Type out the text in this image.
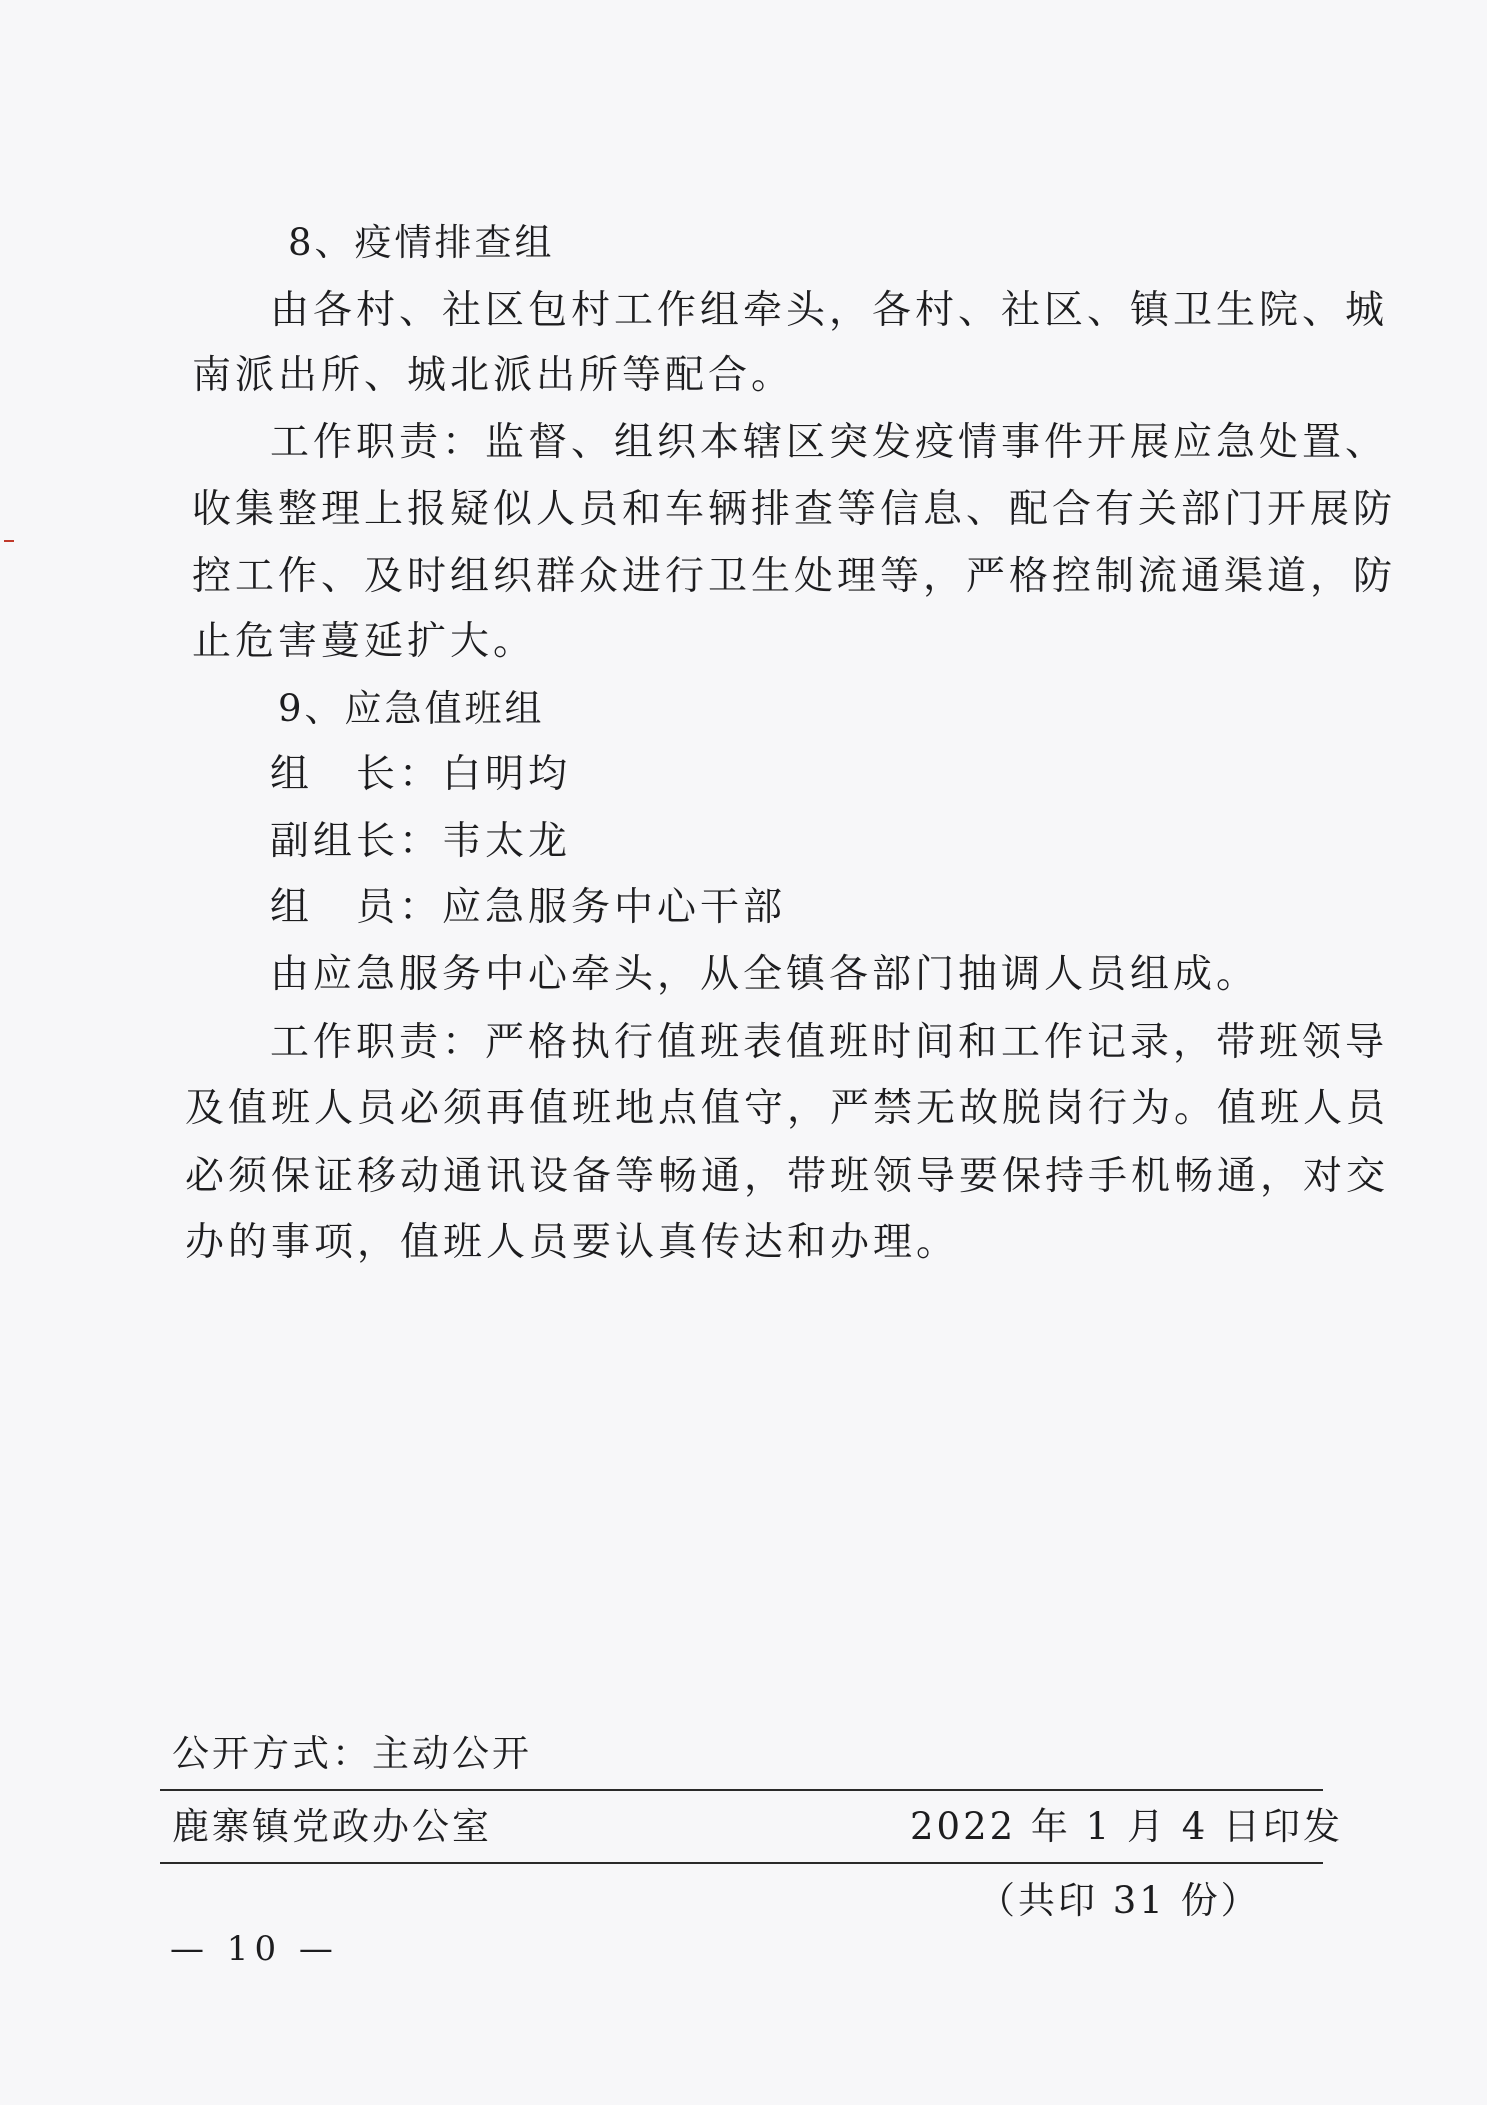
8、疫情排查组
由各村、社区包村工作组牵头，各村、社区、镇卫生院、城
南派出所、城北派出所等配合。
工作职责：监督、组织本辖区突发疫情事件开展应急处置、
收集整理上报疑似人员和车辆排查等信息、配合有关部门开展防
控工作、及时组织群众进行卫生处理等，严格控制流通渠道，防
止危害蔓延扩大。
9、应急值班组
组　长：白明均
副组长：韦太龙
组　员：应急服务中心干部
由应急服务中心牵头，从全镇各部门抽调人员组成。
工作职责：严格执行值班表值班时间和工作记录，带班领导
及值班人员必须再值班地点值守，严禁无故脱岗行为。值班人员
必须保证移动通讯设备等畅通，带班领导要保持手机畅通，对交
办的事项，值班人员要认真传达和办理。
公开方式：主动公开
鹿寨镇党政办公室	2022 年 1 月 4 日印发
（共印 31 份）
— 10 —
